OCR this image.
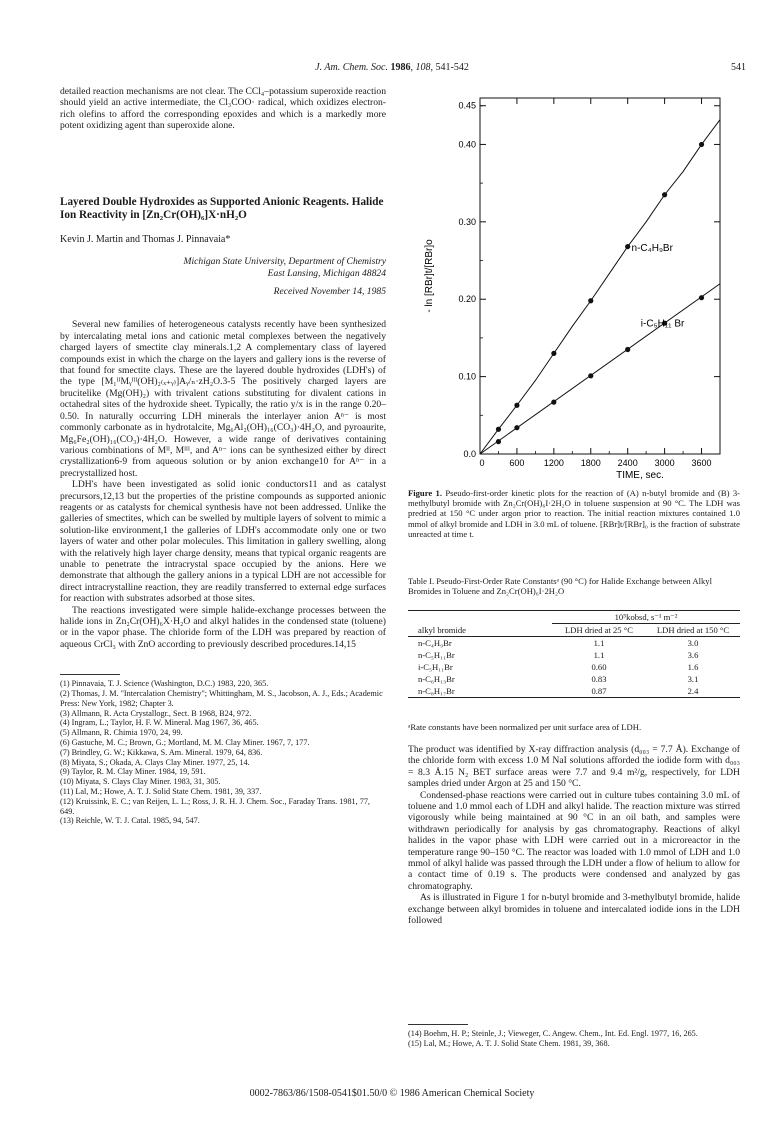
J. Am. Chem. Soc. 1986, 108, 541-542	541

detailed reaction mechanisms are not clear. The CCl₄–potassium superoxide reaction should yield an active intermediate, the Cl₃COO· radical, which oxidizes electron-rich olefins to afford the corresponding epoxides and which is a markedly more potent oxidizing agent than superoxide alone.

Layered Double Hydroxides as Supported Anionic Reagents. Halide Ion Reactivity in [Zn₂Cr(OH)₆]X·nH₂O

Kevin J. Martin and Thomas J. Pinnavaia*

Michigan State University, Department of Chemistry
East Lansing, Michigan 48824

Received November 14, 1985

Several new families of heterogeneous catalysts recently have been synthesized by intercalating metal ions and cationic metal complexes between the negatively charged layers of smectite clay minerals.1,2 A complementary class of layered compounds exist in which the charge on the layers and gallery ions is the reverse of that found for smectite clays. These are the layered double hydroxides (LDH's) of the type [M₁ᴵᴵMᵧᴵᴵᴵ(OH)₂₍ₓ₊ᵧ₎]Aᵧ/ₙ·zH₂O.3-5 The positively charged layers are brucitelike (Mg(OH)₂) with trivalent cations substituting for divalent cations in octahedral sites of the hydroxide sheet. Typically, the ratio y/x is in the range 0.20–0.50. In naturally occurring LDH minerals the interlayer anion Aⁿ⁻ is most commonly carbonate as in hydrotalcite, Mg₆Al₂(OH)₁₆(CO₃)·4H₂O, and pyroaurite, Mg₆Fe₂(OH)₁₆(CO₃)·4H₂O. However, a wide range of derivatives containing various combinations of Mᴵᴵ, Mᴵᴵᴵ, and Aⁿ⁻ ions can be synthesized either by direct crystallization6-9 from aqueous solution or by anion exchange10 for Aⁿ⁻ in a precrystallized host.

LDH's have been investigated as solid ionic conductors11 and as catalyst precursors,12,13 but the properties of the pristine compounds as supported anionic reagents or as catalysts for chemical synthesis have not been addressed. Unlike the galleries of smectites, which can be swelled by multiple layers of solvent to mimic a solution-like environment,1 the galleries of LDH's accommodate only one or two layers of water and other polar molecules. This limitation in gallery swelling, along with the relatively high layer charge density, means that typical organic reagents are unable to penetrate the intracrystal space occupied by the anions. Here we demonstrate that although the gallery anions in a typical LDH are not accessible for direct intracrystalline reaction, they are readily transferred to external edge surfaces for reaction with substrates adsorbed at those sites.

The reactions investigated were simple halide-exchange processes between the halide ions in Zn₂Cr(OH)₆X·H₂O and alkyl halides in the condensed state (toluene) or in the vapor phase. The chloride form of the LDH was prepared by reaction of aqueous CrCl₃ with ZnO according to previously described procedures.14,15

(1) Pinnavaia, T. J. Science (Washington, D.C.) 1983, 220, 365.
(2) Thomas, J. M. "Intercalation Chemistry"; Whittingham, M. S., Jacobson, A. J., Eds.; Academic Press: New York, 1982; Chapter 3.
(3) Allmann, R. Acta Crystallogr., Sect. B 1968, B24, 972.
(4) Ingram, L.; Taylor, H. F. W. Mineral. Mag 1967, 36, 465.
(5) Allmann, R. Chimia 1970, 24, 99.
(6) Gastuche, M. C.; Brown, G.; Mortland, M. M. Clay Miner. 1967, 7, 177.
(7) Brindley, G. W.; Kikkawa, S. Am. Mineral. 1979, 64, 836.
(8) Miyata, S.; Okada, A. Clays Clay Miner. 1977, 25, 14.
(9) Taylor, R. M. Clay Miner. 1984, 19, 591.
(10) Miyata, S. Clays Clay Miner. 1983, 31, 305.
(11) Lal, M.; Howe, A. T. J. Solid State Chem. 1981, 39, 337.
(12) Kruissink, E. C.; van Reijen, L. L.; Ross, J. R. H. J. Chem. Soc., Faraday Trans. 1981, 77, 649.
(13) Reichle, W. T. J. Catal. 1985, 94, 547.
600 1200 1800 2400 3000 3600
0
0.0
0.10
0.20
0.30
0.40
0.45
n-C₄H₉Br
i-C₅H₁₁ Br
- ln [RBr]t/[RBr]o
TIME, sec.
Figure 1. Pseudo-first-order kinetic plots for the reaction of (A) n-butyl bromide and (B) 3-methylbutyl bromide with Zn₂Cr(OH)₆I·2H₂O in toluene suspension at 90 °C. The LDH was predried at 150 °C under argon prior to reaction. The initial reaction mixtures contained 1.0 mmol of alkyl bromide and LDH in 3.0 mL of toluene. [RBr]t/[RBr]₀ is the fraction of substrate unreacted at time t.
Table I. Pseudo-First-Order Rate Constantsᵃ (90 °C) for Halide Exchange between Alkyl Bromides in Toluene and Zn₂Cr(OH)₆I·2H₂O
	10⁵kobsd, s⁻¹ m⁻²	
alkyl bromide	LDH dried at 25 °C	LDH dried at 150 °C
n-C₄H₉Br	1.1	3.0
n-C₅H₁₁Br	1.1	3.6
i-C₅H₁₁Br	0.60	1.6
n-C₆H₁₃Br	0.83	3.1
n-C₈H₁₇Br	0.87	2.4
ᵃRate constants have been normalized per unit surface area of LDH.

The product was identified by X-ray diffraction analysis (d₀₀₃ = 7.7 Å). Exchange of the chloride form with excess 1.0 M NaI solutions afforded the iodide form with d₀₀₃ = 8.3 Å.15 N₂ BET surface areas were 7.7 and 9.4 m²/g, respectively, for LDH samples dried under Argon at 25 and 150 °C.

Condensed-phase reactions were carried out in culture tubes containing 3.0 mL of toluene and 1.0 mmol each of LDH and alkyl halide. The reaction mixture was stirred vigorously while being maintained at 90 °C in an oil bath, and samples were withdrawn periodically for analysis by gas chromatography. Reactions of alkyl halides in the vapor phase with LDH were carried out in a microreactor in the temperature range 90–150 °C. The reactor was loaded with 1.0 mmol of LDH and 1.0 mmol of alkyl halide was passed through the LDH under a flow of helium to allow for a contact time of 0.19 s. The products were condensed and analyzed by gas chromatography.

As is illustrated in Figure 1 for n-butyl bromide and 3-methylbutyl bromide, halide exchange between alkyl bromides in toluene and intercalated iodide ions in the LDH followed

(14) Boehm, H. P.; Steinle, J.; Vieweger, C. Angew. Chem., Int. Ed. Engl. 1977, 16, 265.
(15) Lal, M.; Howe, A. T. J. Solid State Chem. 1981, 39, 368.
0002-7863/86/1508-0541$01.50/0 © 1986 American Chemical Society
